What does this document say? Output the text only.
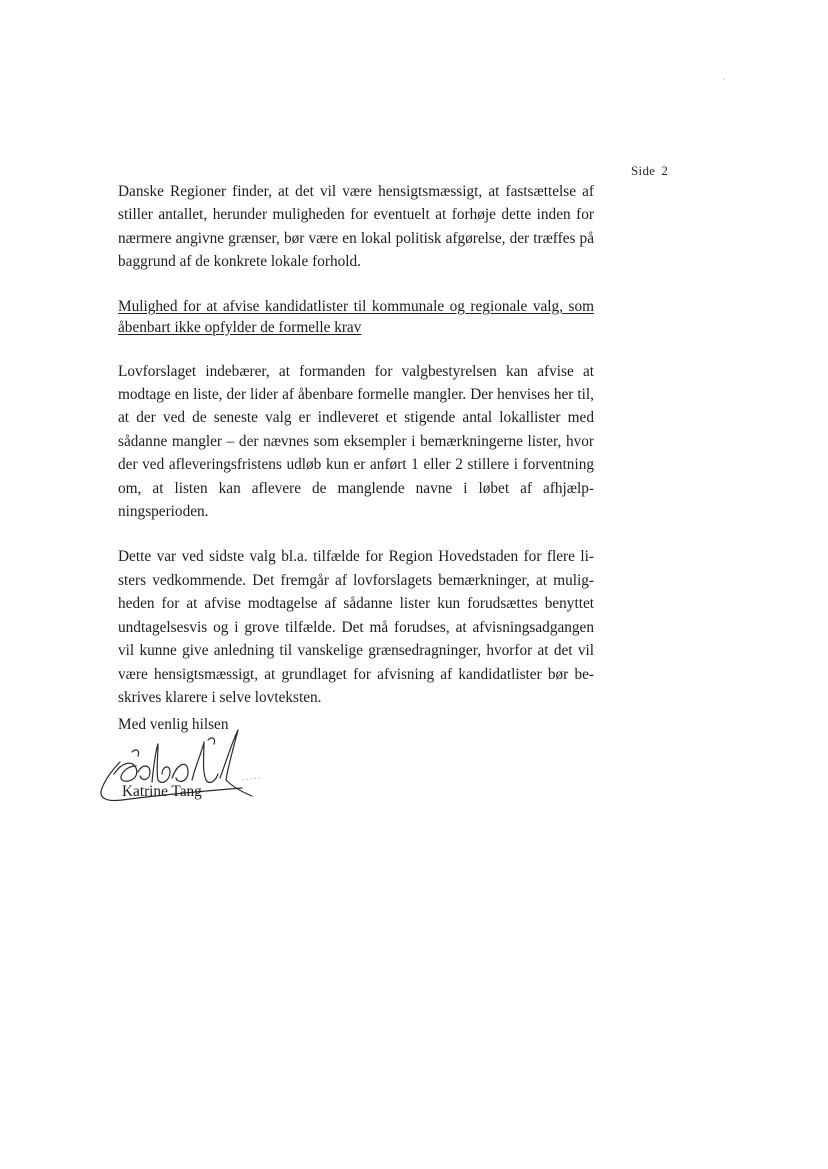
Side 2

Danske Regioner finder, at det vil være hensigtsmæssigt, at fastsættelse af stiller antallet, herunder muligheden for eventuelt at forhøje dette inden for nærmere angivne grænser, bør være en lokal politisk afgørelse, der træffes på baggrund af de konkrete lokale forhold.

Mulighed for at afvise kandidatlister til kommunale og regionale valg, som åbenbart ikke opfylder de formelle krav

Lovforslaget indebærer, at formanden for valgbestyrelsen kan afvise at modtage en liste, der lider af åbenbare formelle mangler. Der henvises her til, at der ved de seneste valg er indleveret et stigende antal lokallister med sådanne mangler – der nævnes som eksempler i bemærkningerne lister, hvor der ved afleveringsfristens udløb kun er anført 1 eller 2 stillere i forventning om, at listen kan aflevere de manglende navne i løbet af afhjælpningsperioden.

Dette var ved sidste valg bl.a. tilfælde for Region Hovedstaden for flere listers vedkommende. Det fremgår af lovforslagets bemærkninger, at muligheden for at afvise modtagelse af sådanne lister kun forudsættes benyttet undtagelsesvis og i grove tilfælde. Det må forudses, at afvisningsadgangen vil kunne give anledning til vanskelige grænsedragninger, hvorfor at det vil være hensigtsmæssigt, at grundlaget for afvisning af kandidatlister bør beskrives klarere i selve lovteksten.

Med venlig hilsen
Katrine Tang
